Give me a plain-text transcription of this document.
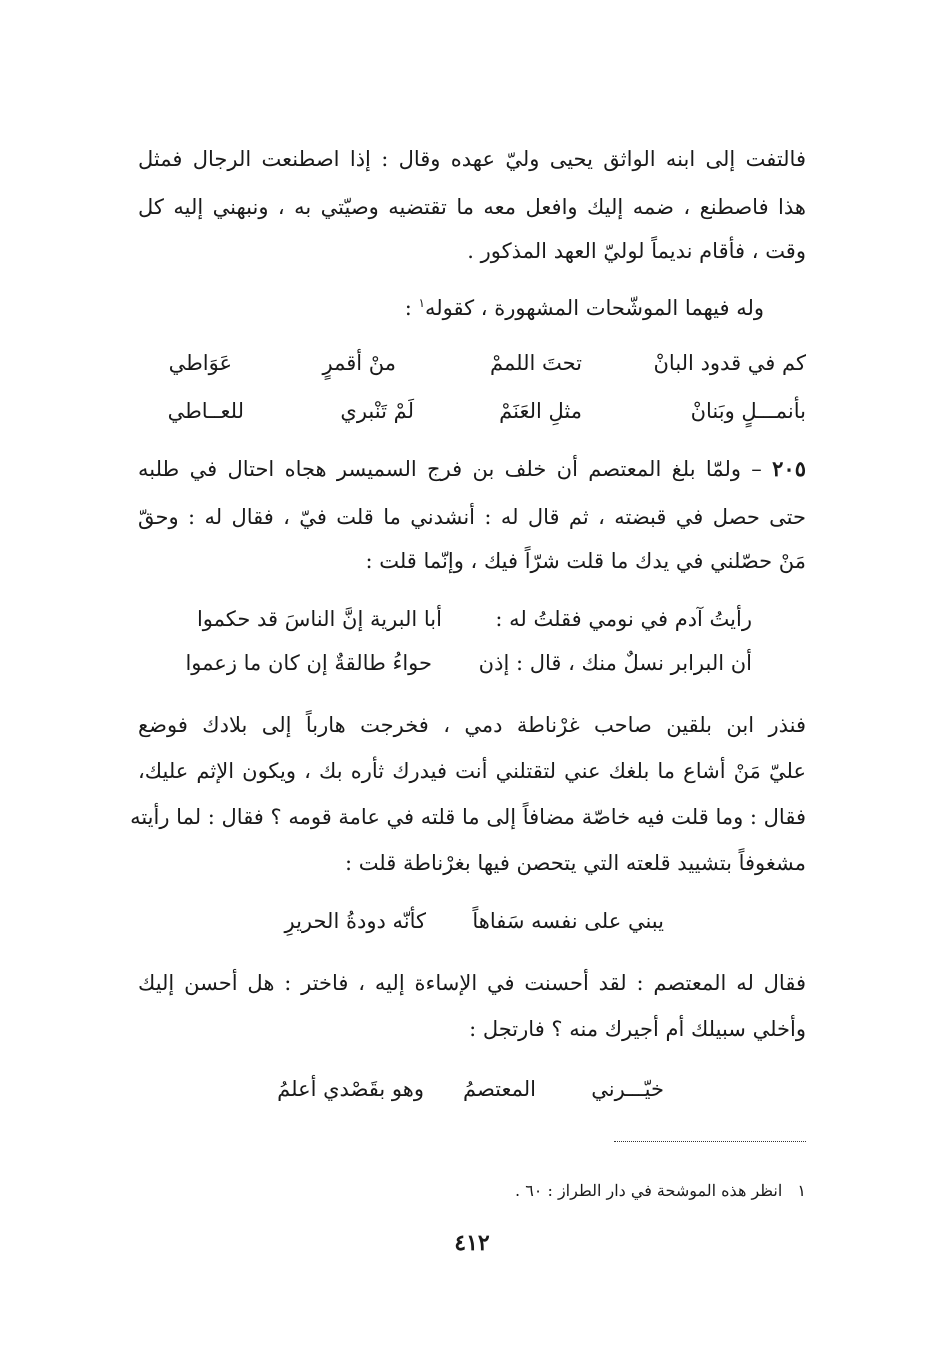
فالتفت إلى ابنه الواثق يحيى وليّ عهده وقال : إذا اصطنعت الرجال فمثل
هذا فاصطنع ، ضمه إليك وافعل معه ما تقتضيه وصيّتي به ، ونبهني إليه كل
وقت ، فأقام نديماً لوليّ العهد المذكور .
وله فيهما الموشّحات المشهورة ، كقوله$^١$ :
كم في قدود البانْ
تحتَ اللممْ
منْ أقمرٍ
عَوَاطي
بأنمـــلٍ وبَنانْ
مثلِ العَنَمْ
لَمْ تَنْبري
للعــاطي
٢٠٥ – ولمّا بلغ المعتصم أن خلف بن فرج السميسر هجاه احتال في طلبه
حتى حصل في قبضته ، ثم قال له : أنشدني ما قلت فيّ ، فقال له : وحقّ
مَنْ حصّلني في يدك ما قلت شرّاً فيك ، وإنّما قلت :
رأيتُ آدم في نومي فقلتُ له :
أبا البرية إنَّ الناسَ قد حكموا
أن البرابر نسلٌ منك ، قال : إذن
حواءُ طالقةٌ إن كان ما زعموا
فنذر ابن بلقين صاحب غرْناطة دمي ، فخرجت هارباً إلى بلادك فوضع
عليّ مَنْ أشاع ما بلغك عني لتقتلني أنت فيدرك ثأره بك ، ويكون الإثم عليك،
فقال : وما قلت فيه خاصّة مضافاً إلى ما قلته في عامة قومه ؟ فقال : لما رأيته
مشغوفاً بتشييد قلعته التي يتحصن فيها بغرْناطة قلت :
يبني على نفسه سَفاهاً
كأنّه دودةُ الحريرِ
فقال له المعتصم : لقد أحسنت في الإساءة إليه ، فاختر : هل أحسن إليك
وأخلي سبيلك أم أجيرك منه ؟ فارتجل :
خيّـــرني
المعتصمُ
وهو بقَصْدي أعلمُ
١ انظر هذه الموشحة في دار الطراز : ٦٠ .
٤١٢
